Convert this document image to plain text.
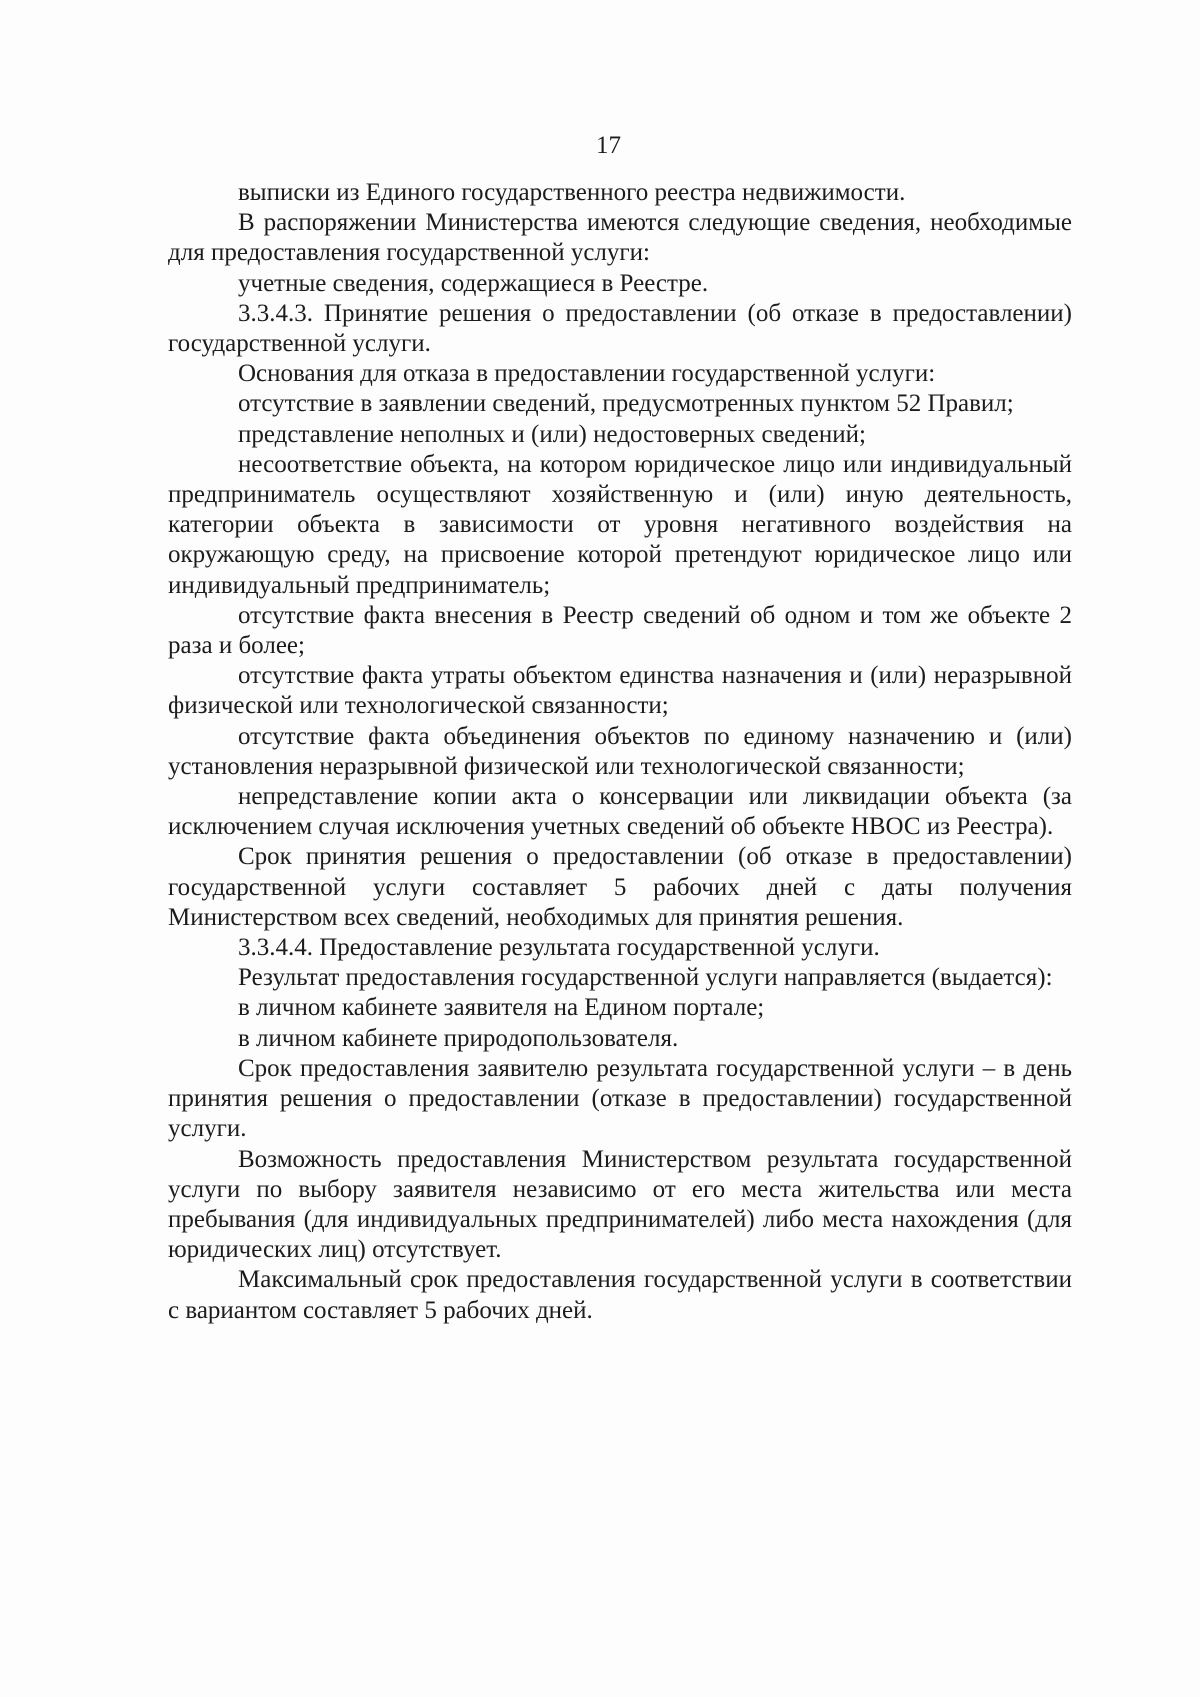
17

выписки из Единого государственного реестра недвижимости.

В распоряжении Министерства имеются следующие сведения, необходимые для предоставления государственной услуги:

учетные сведения, содержащиеся в Реестре.

3.3.4.3. Принятие решения о предоставлении (об отказе в предоставлении) государственной услуги.

Основания для отказа в предоставлении государственной услуги:

отсутствие в заявлении сведений, предусмотренных пунктом 52 Правил;

представление неполных и (или) недостоверных сведений;

несоответствие объекта, на котором юридическое лицо или индивидуальный предприниматель осуществляют хозяйственную и (или) иную деятельность, категории объекта в зависимости от уровня негативного воздействия на окружающую среду, на присвоение которой претендуют юридическое лицо или индивидуальный предприниматель;

отсутствие факта внесения в Реестр сведений об одном и том же объекте 2 раза и более;

отсутствие факта утраты объектом единства назначения и (или) неразрывной физической или технологической связанности;

отсутствие факта объединения объектов по единому назначению и (или) установления неразрывной физической или технологической связанности;

непредставление копии акта о консервации или ликвидации объекта (за исключением случая исключения учетных сведений об объекте НВОС из Реестра).

Срок принятия решения о предоставлении (об отказе в предоставлении) государственной услуги составляет 5 рабочих дней с даты получения Министерством всех сведений, необходимых для принятия решения.

3.3.4.4. Предоставление результата государственной услуги.

Результат предоставления государственной услуги направляется (выдается):

в личном кабинете заявителя на Едином портале;

в личном кабинете природопользователя.

Срок предоставления заявителю результата государственной услуги – в день принятия решения о предоставлении (отказе в предоставлении) государственной услуги.

Возможность предоставления Министерством результата государственной услуги по выбору заявителя независимо от его места жительства или места пребывания (для индивидуальных предпринимателей) либо места нахождения (для юридических лиц) отсутствует.

Максимальный срок предоставления государственной услуги в соответствии с вариантом составляет 5 рабочих дней.
